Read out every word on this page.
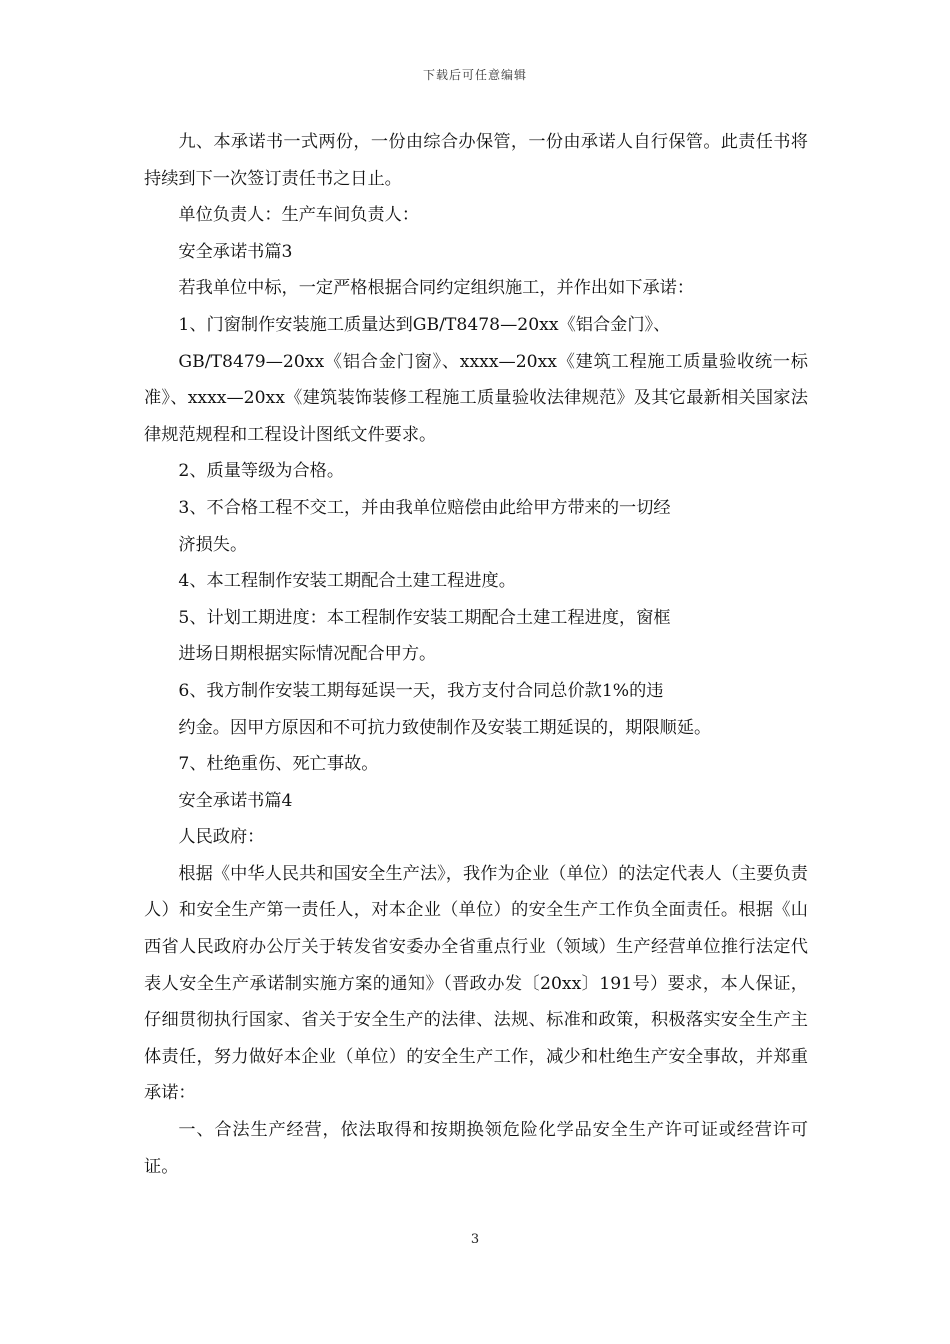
下载后可任意编辑

九、本承诺书一式两份，一份由综合办保管，一份由承诺人自行保管。此责任书将持续到下一次签订责任书之日止。

单位负责人：生产车间负责人：

安全承诺书篇3

若我单位中标，一定严格根据合同约定组织施工，并作出如下承诺：

1、门窗制作安装施工质量达到GB/T8478—20xx《铝合金门》、

GB/T8479—20xx《铝合金门窗》、xxxx—20xx《建筑工程施工质量验收统一标准》、xxxx—20xx《建筑装饰装修工程施工质量验收法律规范》及其它最新相关国家法律规范规程和工程设计图纸文件要求。

2、质量等级为合格。

3、不合格工程不交工，并由我单位赔偿由此给甲方带来的一切经

济损失。

4、本工程制作安装工期配合土建工程进度。

5、计划工期进度：本工程制作安装工期配合土建工程进度，窗框

进场日期根据实际情况配合甲方。

6、我方制作安装工期每延误一天，我方支付合同总价款1%的违

约金。因甲方原因和不可抗力致使制作及安装工期延误的，期限顺延。

7、杜绝重伤、死亡事故。

安全承诺书篇4

人民政府：

根据《中华人民共和国安全生产法》，我作为企业（单位）的法定代表人（主要负责人）和安全生产第一责任人，对本企业（单位）的安全生产工作负全面责任。根据《山西省人民政府办公厅关于转发省安委办全省重点行业（领域）生产经营单位推行法定代表人安全生产承诺制实施方案的通知》（晋政办发〔20xx〕191号）要求，本人保证，仔细贯彻执行国家、省关于安全生产的法律、法规、标准和政策，积极落实安全生产主体责任，努力做好本企业（单位）的安全生产工作，减少和杜绝生产安全事故，并郑重承诺：

一、合法生产经营，依法取得和按期换领危险化学品安全生产许可证或经营许可证。

3
